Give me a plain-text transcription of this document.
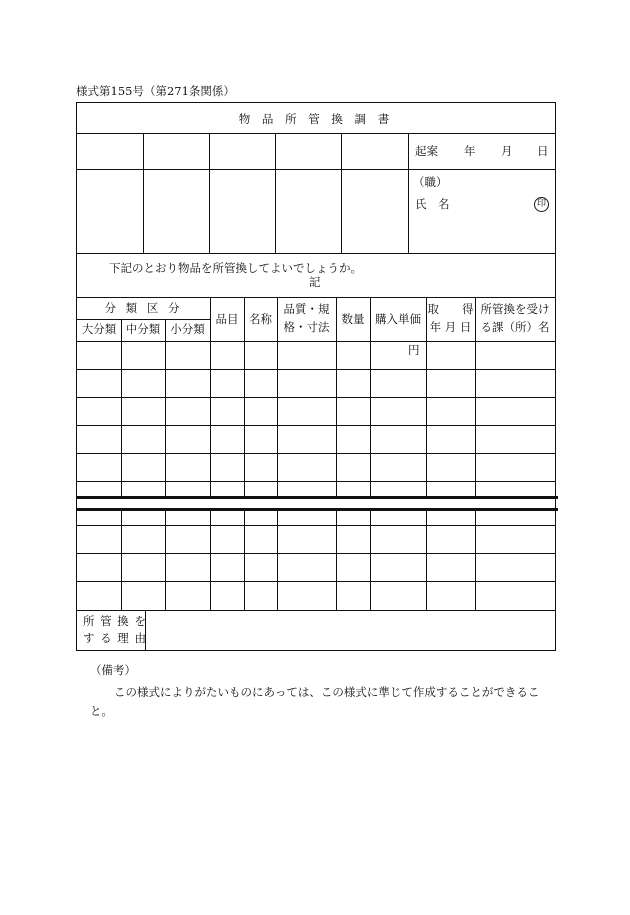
様式第155号（第271条関係）
物 品 所 管 換 調 書
起案 年 月 日
（職）
氏　名	印
下記のとおり物品を所管換してよいでしょうか。
記
分 類 区 分
大分類 中分類 小分類
品目 名称
品質・規
格・寸法
数量 購入単価
取　　得
年 月 日
所管換を受け
る課（所）名
円
所 管 換 を
す る 理 由
（備考）
この様式によりがたいものにあっては、この様式に準じて作成することができること。
